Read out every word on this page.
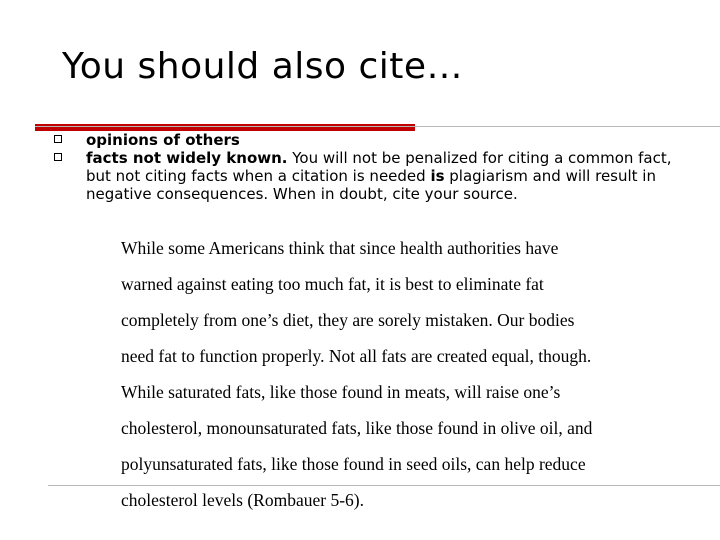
You should also cite…
opinions of others
facts not widely known. You will not be penalized for citing a common fact, but not citing facts when a citation is needed is plagiarism and will result in negative consequences. When in doubt, cite your source.
While some Americans think that since health authorities have
warned against eating too much fat, it is best to eliminate fat
completely from one’s diet, they are sorely mistaken. Our bodies
need fat to function properly. Not all fats are created equal, though.
While saturated fats, like those found in meats, will raise one’s
cholesterol, monounsaturated fats, like those found in olive oil, and
polyunsaturated fats, like those found in seed oils, can help reduce
cholesterol levels (Rombauer 5-6).
